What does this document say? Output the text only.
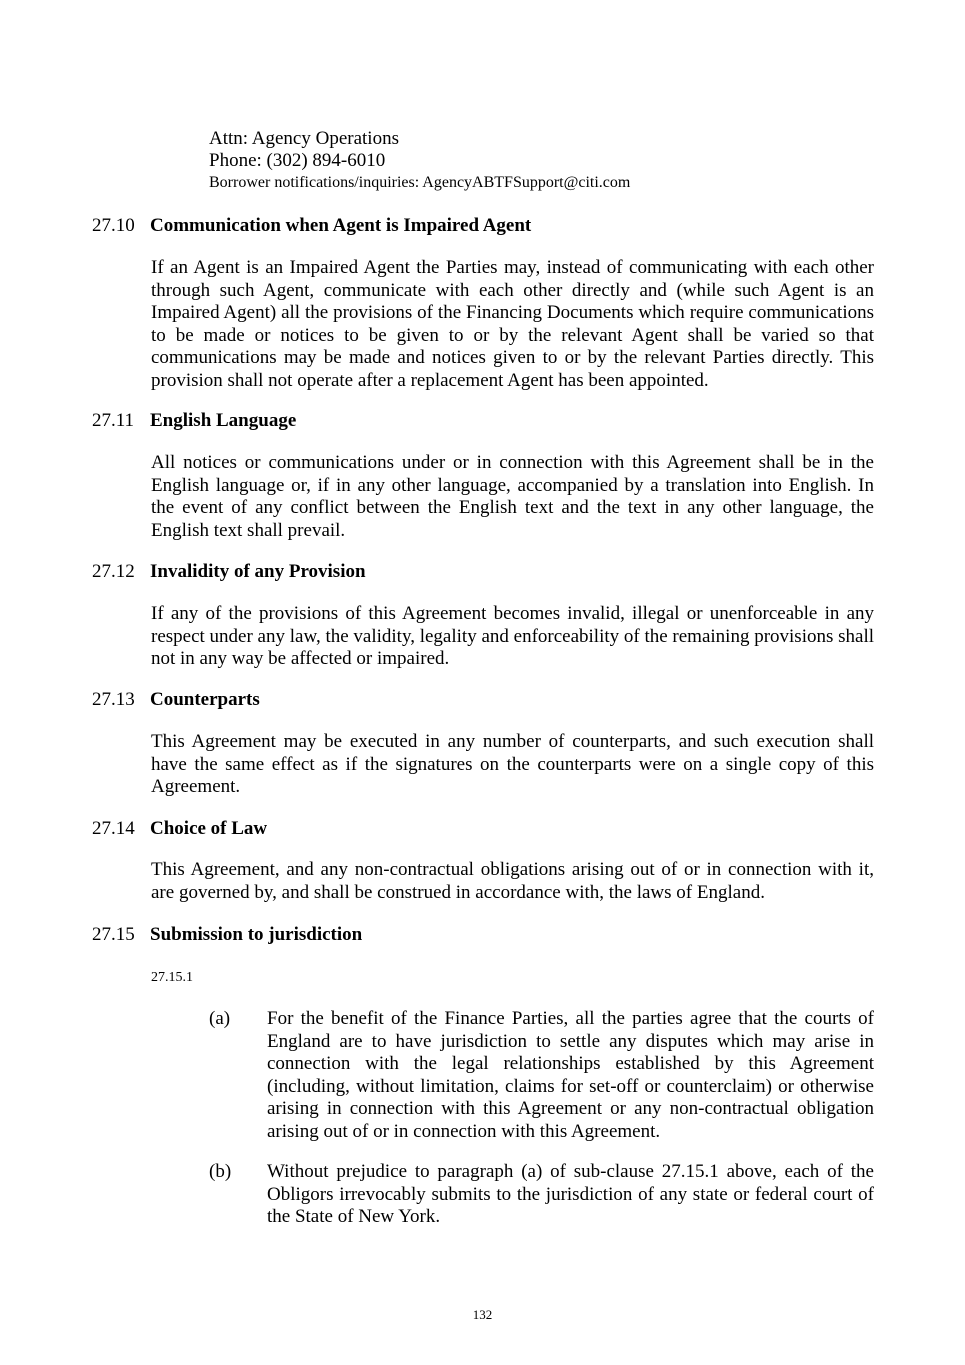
Attn: Agency Operations
Phone: (302) 894-6010
Borrower notifications/inquiries: AgencyABTFSupport@citi.com
27.10 Communication when Agent is Impaired Agent
If an Agent is an Impaired Agent the Parties may, instead of communicating with each other through such Agent, communicate with each other directly and (while such Agent is an Impaired Agent) all the provisions of the Financing Documents which require communications to be made or notices to be given to or by the relevant Agent shall be varied so that communications may be made and notices given to or by the relevant Parties directly. This provision shall not operate after a replacement Agent has been appointed.
27.11 English Language
All notices or communications under or in connection with this Agreement shall be in the English language or, if in any other language, accompanied by a translation into English. In the event of any conflict between the English text and the text in any other language, the English text shall prevail.
27.12 Invalidity of any Provision
If any of the provisions of this Agreement becomes invalid, illegal or unenforceable in any respect under any law, the validity, legality and enforceability of the remaining provisions shall not in any way be affected or impaired.
27.13 Counterparts
This Agreement may be executed in any number of counterparts, and such execution shall have the same effect as if the signatures on the counterparts were on a single copy of this Agreement.
27.14 Choice of Law
This Agreement, and any non-contractual obligations arising out of or in connection with it, are governed by, and shall be construed in accordance with, the laws of England.
27.15 Submission to jurisdiction
27.15.1
(a) For the benefit of the Finance Parties, all the parties agree that the courts of England are to have jurisdiction to settle any disputes which may arise in connection with the legal relationships established by this Agreement (including, without limitation, claims for set-off or counterclaim) or otherwise arising in connection with this Agreement or any non-contractual obligation arising out of or in connection with this Agreement.
(b) Without prejudice to paragraph (a) of sub-clause 27.15.1 above, each of the Obligors irrevocably submits to the jurisdiction of any state or federal court of the State of New York.
132
